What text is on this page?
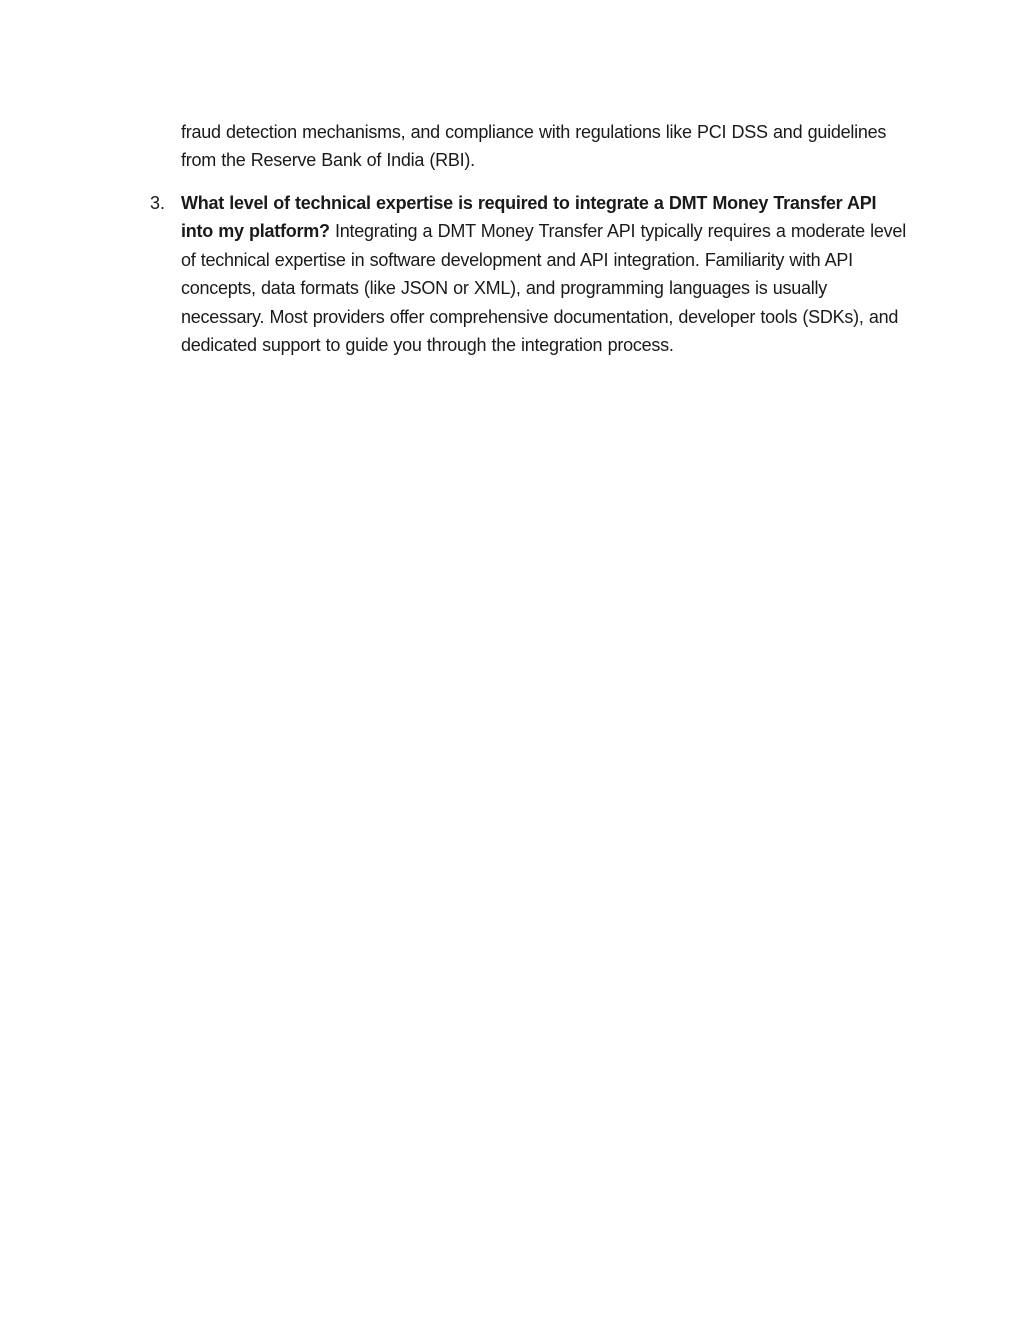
fraud detection mechanisms, and compliance with regulations like PCI DSS and guidelines from the Reserve Bank of India (RBI).

3. What level of technical expertise is required to integrate a DMT Money Transfer API into my platform? Integrating a DMT Money Transfer API typically requires a moderate level of technical expertise in software development and API integration. Familiarity with API concepts, data formats (like JSON or XML), and programming languages is usually necessary. Most providers offer comprehensive documentation, developer tools (SDKs), and dedicated support to guide you through the integration process.
